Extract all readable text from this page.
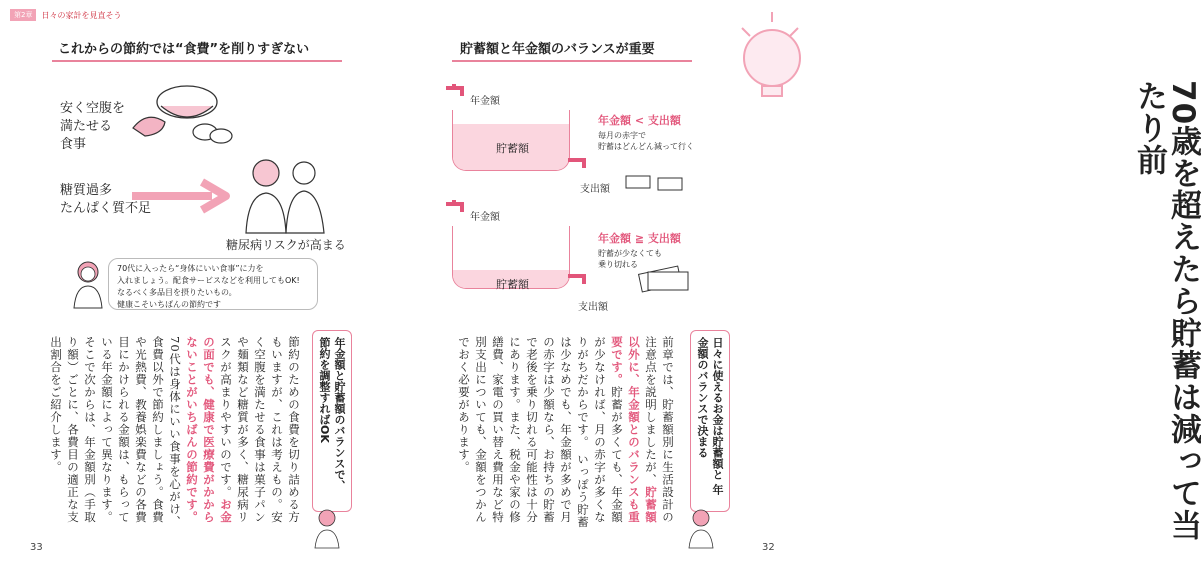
第2章	日々の家計を見直そう
これからの節約では“食費”を削りすぎない
安く空腹を
満たせる
食事
糖質過多
たんぱく質不足
糖尿病リスクが高まる
70代に入ったら“身体にいい食事”に力を
入れましょう。配食サービスなどを利用してもOK!
なるべく多品目を摂りたいもの。
健康こそいちばんの節約です
節約のための食費を切り詰める方もいますが、これは考えもの。安く空腹を満たせる食事は菓子パンや麺類など糖質が多く、糖尿病リスクが高まりやすいのです。お金の面でも、健康で医療費がかからないことがいちばんの節約です。70代は身体にいい食事を心がけ、食費以外で節約しましょう。食費や光熱費、教養娯楽費などの各費目にかけられる金額は、もらっている年金額によって異なります。そこで次からは、年金額別（手取り額）ごとに、各費目の適正な支出割合をご紹介します。	年金額と貯蓄額のバランスで、 節約を調整すればOK
33
貯蓄額と年金額のバランスが重要
年金額
貯蓄額
支出額
年金額 < 支出額
毎月の赤字で
貯蓄はどんどん減って行く
年金額
貯蓄額
支出額
年金額 ≧ 支出額
貯蓄が少なくても
乗り切れる
日々に使えるお金は貯蓄額と 年金額のバランスで決まる
前章では、貯蓄額別に生活設計の注意点を説明しましたが、貯蓄額以外に、年金額とのバランスも重要です。貯蓄が多くても、年金額が少なければ、月の赤字が多くなりがちだからです。 いっぽう貯蓄は少なめでも、年金額が多めで月の赤字は少額なら、お持ちの貯蓄で老後を乗り切れる可能性は十分にあります。また、税金や家の修繕費、家電の買い替え費用など特別支出についても、金額をつかんでおく必要があります。	70歳を超えたら貯蓄は減って当たり前
32
